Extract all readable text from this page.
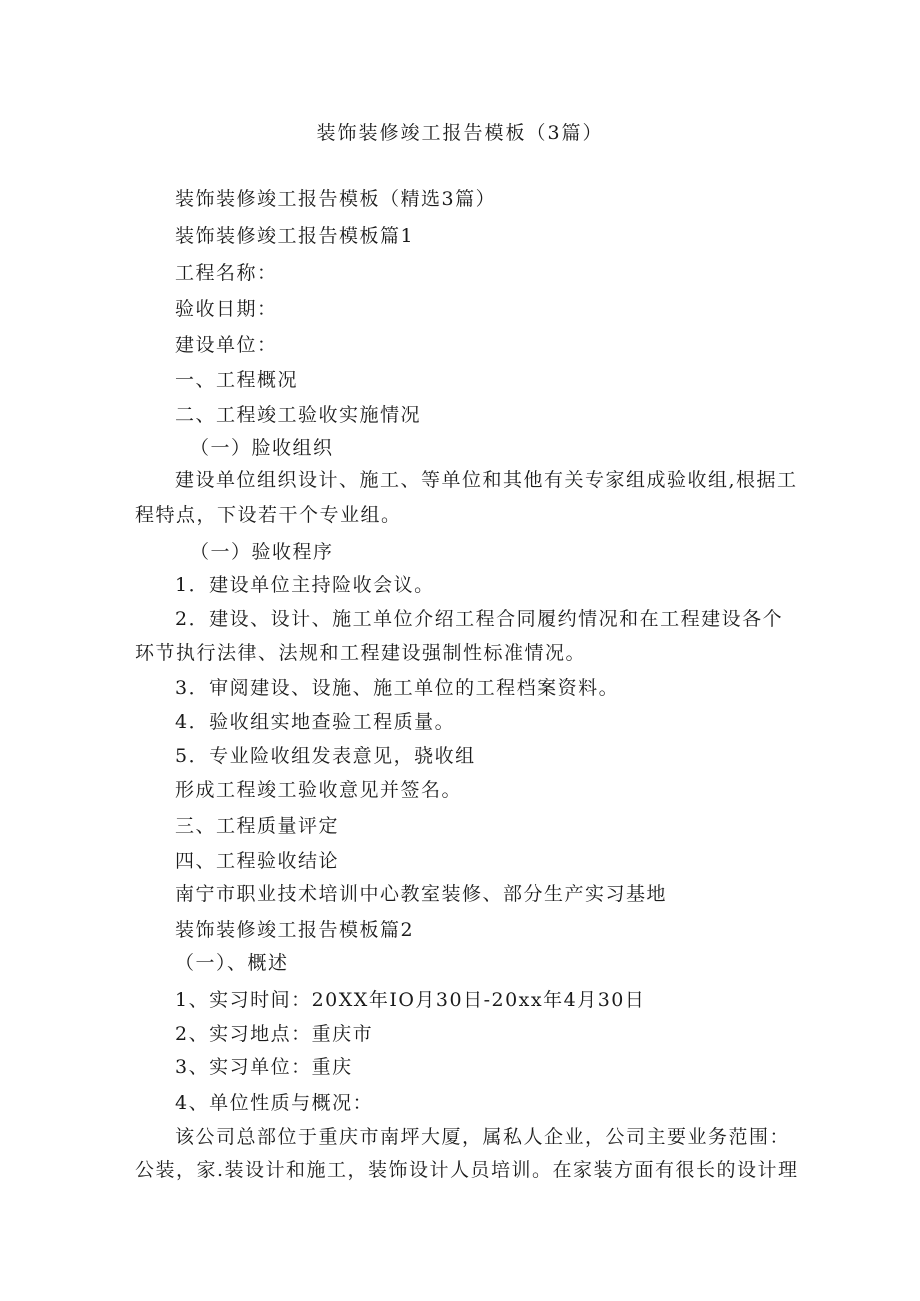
装饰装修竣工报告模板（3篇）
装饰装修竣工报告模板（精选3篇）
装饰装修竣工报告模板篇1
工程名称：
验收日期：
建设单位：
一、工程概况
二、工程竣工验收实施情况
（一）脸收组织
建设单位组织设计、施工、等单位和其他有关专家组成验收组,根据工
程特点，下设若干个专业组。
（一）验收程序
1．建设单位主持险收会议。
2．建设、设计、施工单位介绍工程合同履约情况和在工程建设各个
环节执行法律、法规和工程建设强制性标准情况。
3．审阅建设、设施、施工单位的工程档案资料。
4．验收组实地查验工程质量。
5．专业险收组发表意见，骁收组
形成工程竣工验收意见并签名。
三、工程质量评定
四、工程验收结论
南宁市职业技术培训中心教室装修、部分生产实习基地
装饰装修竣工报告模板篇2
（一）、概述
1、实习时间：20XX年IO月30日-20xx年4月30日
2、实习地点：重庆市
3、实习单位：重庆
4、单位性质与概况：
该公司总部位于重庆市南坪大厦，属私人企业，公司主要业务范围：
公装，家.装设计和施工，装饰设计人员培训。在家装方面有很长的设计理
